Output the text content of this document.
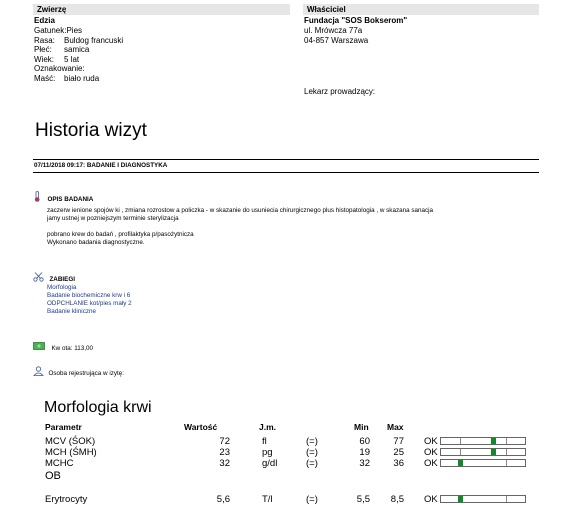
Zwierzę	Właściciel
Edzia
Gatunek:Pies
Rasa: Buldog francuski
Płeć: samica
Wiek: 5 lat
Oznakowanie:
Maść: biało ruda
Fundacja "SOS Bokserom"
ul. Mrówcza 77a
04-857 Warszawa
Lekarz prowadzący:
Historia wizyt
07/11/2018 09:17: BADANIE I DIAGNOSTYKA
OPIS BADANIA
zaczerw ienione spojów ki , zmiana rozrostow a policzka - w skazanie do usuniecia chirurgicznego plus histopatologia , w skazana sanacja
jamy ustnej w pozniejszym terminie sterylizacja
pobrano krew do badań , profilaktyka p/pasożytnicza
Wykonano badania diagnostyczne.
ZABIEGI
Morfologia
Badanie biochemiczne krw i 6
ODPCHLANIE kot/pies mały 2
Badanie kliniczne
Kw ota: 113,00
Osoba rejestrująca w izytę:
Morfologia krwi
Parametr	Wartość	J.m.	Min Max
MCV (ŚOK)	72	fl	(=)	60 77 OK
MCH (ŚMH)	23	pg	(=)	19 25 OK
MCHC	32	g/dl	(=)	32 36 OK
OB
Erytrocyty	5,6	T/l	(=)	5,5 8,5 OK
